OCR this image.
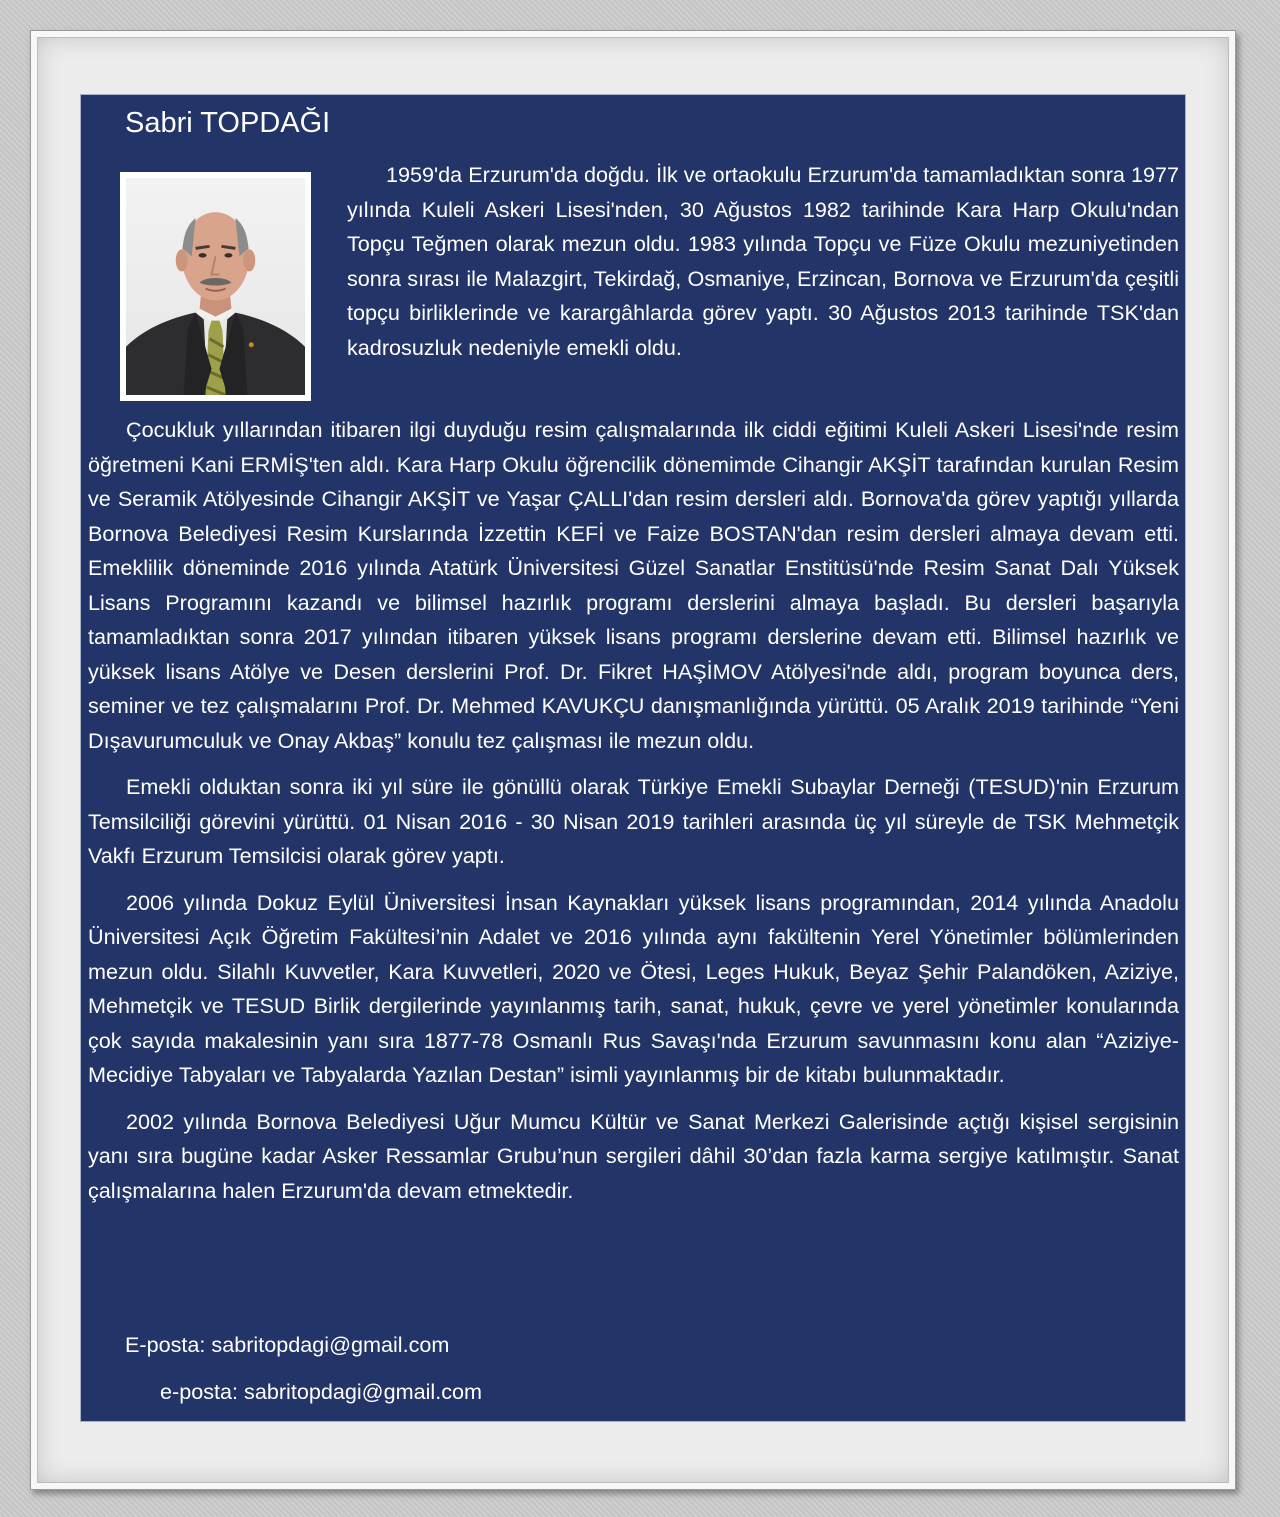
Sabri TOPDAĞI

1959'da Erzurum'da doğdu. İlk ve ortaokulu Erzurum'da tamamladıktan sonra 1977 yılında Kuleli Askeri Lisesi'nden, 30 Ağustos 1982 tarihinde Kara Harp Okulu'ndan Topçu Teğmen olarak mezun oldu. 1983 yılında Topçu ve Füze Okulu mezuniyetinden sonra sırası ile Malazgirt, Tekirdağ, Osmaniye, Erzincan, Bornova ve Erzurum'da çeşitli topçu birliklerinde ve karargâhlarda görev yaptı. 30 Ağustos 2013 tarihinde TSK'dan kadrosuzluk nedeniyle emekli oldu.

Çocukluk yıllarından itibaren ilgi duyduğu resim çalışmalarında ilk ciddi eğitimi Kuleli Askeri Lisesi'nde resim öğretmeni Kani ERMİŞ'ten aldı. Kara Harp Okulu öğrencilik dönemimde Cihangir AKŞİT tarafından kurulan Resim ve Seramik Atölyesinde Cihangir AKŞİT ve Yaşar ÇALLI'dan resim dersleri aldı. Bornova'da görev yaptığı yıllarda Bornova Belediyesi Resim Kurslarında İzzettin KEFİ ve Faize BOSTAN'dan resim dersleri almaya devam etti. Emeklilik döneminde 2016 yılında Atatürk Üniversitesi Güzel Sanatlar Enstitüsü'nde Resim Sanat Dalı Yüksek Lisans Programını kazandı ve bilimsel hazırlık programı derslerini almaya başladı. Bu dersleri başarıyla tamamladıktan sonra 2017 yılından itibaren yüksek lisans programı derslerine devam etti. Bilimsel hazırlık ve yüksek lisans Atölye ve Desen derslerini Prof. Dr. Fikret HAŞİMOV Atölyesi'nde aldı, program boyunca ders, seminer ve tez çalışmalarını Prof. Dr. Mehmed KAVUKÇU danışmanlığında yürüttü. 05 Aralık 2019 tarihinde “Yeni Dışavurumculuk ve Onay Akbaş” konulu tez çalışması ile mezun oldu.

Emekli olduktan sonra iki yıl süre ile gönüllü olarak Türkiye Emekli Subaylar Derneği (TESUD)'nin Erzurum Temsilciliği görevini yürüttü. 01 Nisan 2016 - 30 Nisan 2019 tarihleri arasında üç yıl süreyle de TSK Mehmetçik Vakfı Erzurum Temsilcisi olarak görev yaptı.

2006 yılında Dokuz Eylül Üniversitesi İnsan Kaynakları yüksek lisans programından, 2014 yılında Anadolu Üniversitesi Açık Öğretim Fakültesi’nin Adalet ve 2016 yılında aynı fakültenin Yerel Yönetimler bölümlerinden mezun oldu. Silahlı Kuvvetler, Kara Kuvvetleri, 2020 ve Ötesi, Leges Hukuk, Beyaz Şehir Palandöken, Aziziye, Mehmetçik ve TESUD Birlik dergilerinde yayınlanmış tarih, sanat, hukuk, çevre ve yerel yönetimler konularında çok sayıda makalesinin yanı sıra 1877-78 Osmanlı Rus Savaşı'nda Erzurum savunmasını konu alan “Aziziye-Mecidiye Tabyaları ve Tabyalarda Yazılan Destan” isimli yayınlanmış bir de kitabı bulunmaktadır.

2002 yılında Bornova Belediyesi Uğur Mumcu Kültür ve Sanat Merkezi Galerisinde açtığı kişisel sergisinin yanı sıra bugüne kadar Asker Ressamlar Grubu’nun sergileri dâhil 30’dan fazla karma sergiye katılmıştır. Sanat çalışmalarına halen Erzurum'da devam etmektedir.

E-posta: sabritopdagi@gmail.com

e-posta: sabritopdagi@gmail.com
